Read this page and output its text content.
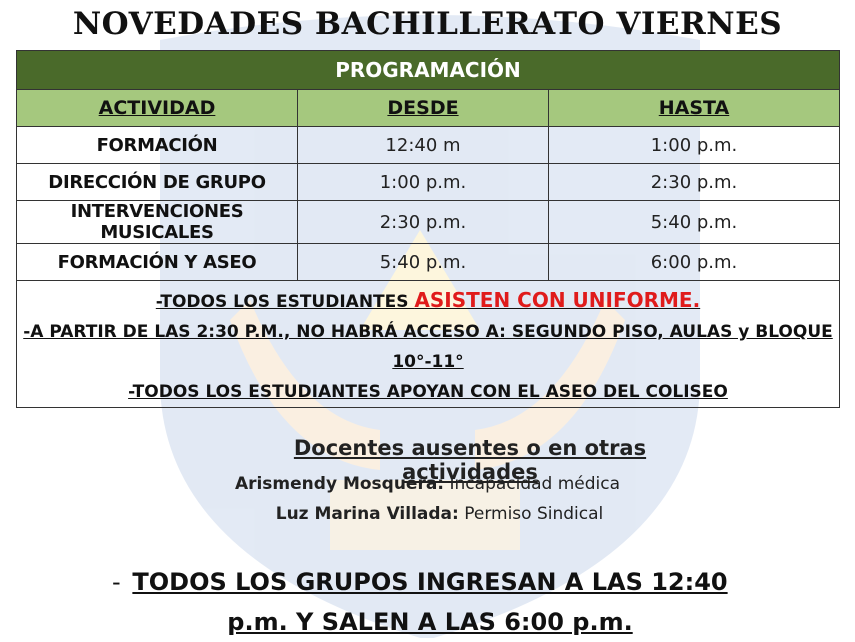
NOVEDADES BACHILLERATO VIERNES
PROGRAMACIÓN		
ACTIVIDAD	DESDE	HASTA
FORMACIÓN	12:40 m	1:00 p.m.
DIRECCIÓN DE GRUPO	1:00 p.m.	2:30 p.m.
INTERVENCIONES MUSICALES	2:30 p.m.	5:40 p.m.
FORMACIÓN Y ASEO	5:40 p.m.	6:00 p.m.

-TODOS LOS ESTUDIANTES ASISTEN CON UNIFORME.
-A PARTIR DE LAS 2:30 P.M., NO HABRÁ ACCESO A: SEGUNDO PISO, AULAS y BLOQUE 10°-11°
-TODOS LOS ESTUDIANTES APOYAN CON EL ASEO DEL COLISEO		
Docentes ausentes o en otras actividades
Arismendy Mosquera: Incapacidad médica
Luz Marina Villada: Permiso Sindical
- TODOS LOS GRUPOS INGRESAN A LAS 12:40 p.m. Y SALEN A LAS 6:00 p.m.
